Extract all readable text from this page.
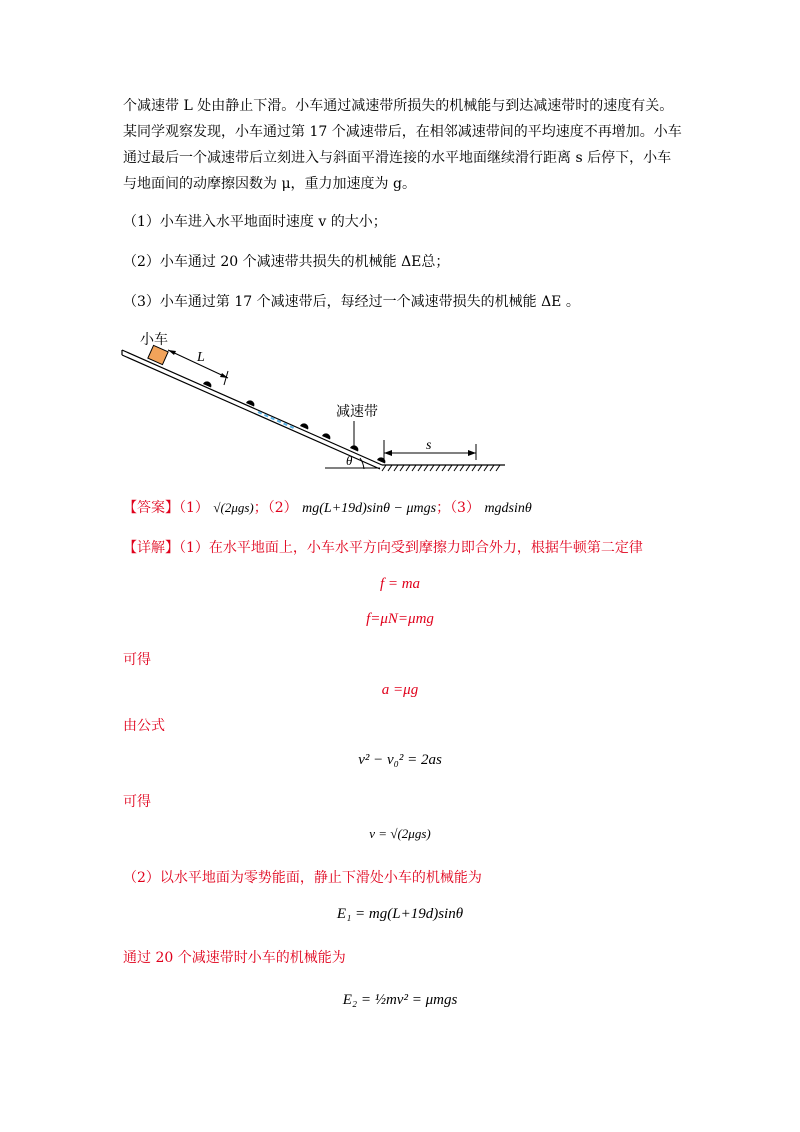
个减速带 L 处由静止下滑。小车通过减速带所损失的机械能与到达减速带时的速度有关。
某同学观察发现，小车通过第 17 个减速带后，在相邻减速带间的平均速度不再增加。小车
通过最后一个减速带后立刻进入与斜面平滑连接的水平地面继续滑行距离 s 后停下，小车
与地面间的动摩擦因数为 μ，重力加速度为 g。
（1）小车进入水平地面时速度 v 的大小；
（2）小车通过 20 个减速带共损失的机械能 ΔE总；
（3）小车通过第 17 个减速带后，每经过一个减速带损失的机械能 ΔE 。
小车
L
减速带
s
θ
【答案】（1） √(2μgs)；（2） mg(L+19d)sinθ − μmgs；（3） mgdsinθ
【详解】（1）在水平地面上，小车水平方向受到摩擦力即合外力，根据牛顿第二定律
f = ma
f=μN=μmg
可得
a =μg
由公式
v² − v₀² = 2as
可得
v = √(2μgs)
（2）以水平地面为零势能面，静止下滑处小车的机械能为
E₁ = mg(L+19d)sinθ
通过 20 个减速带时小车的机械能为
E₂ = ½mv² = μmgs
